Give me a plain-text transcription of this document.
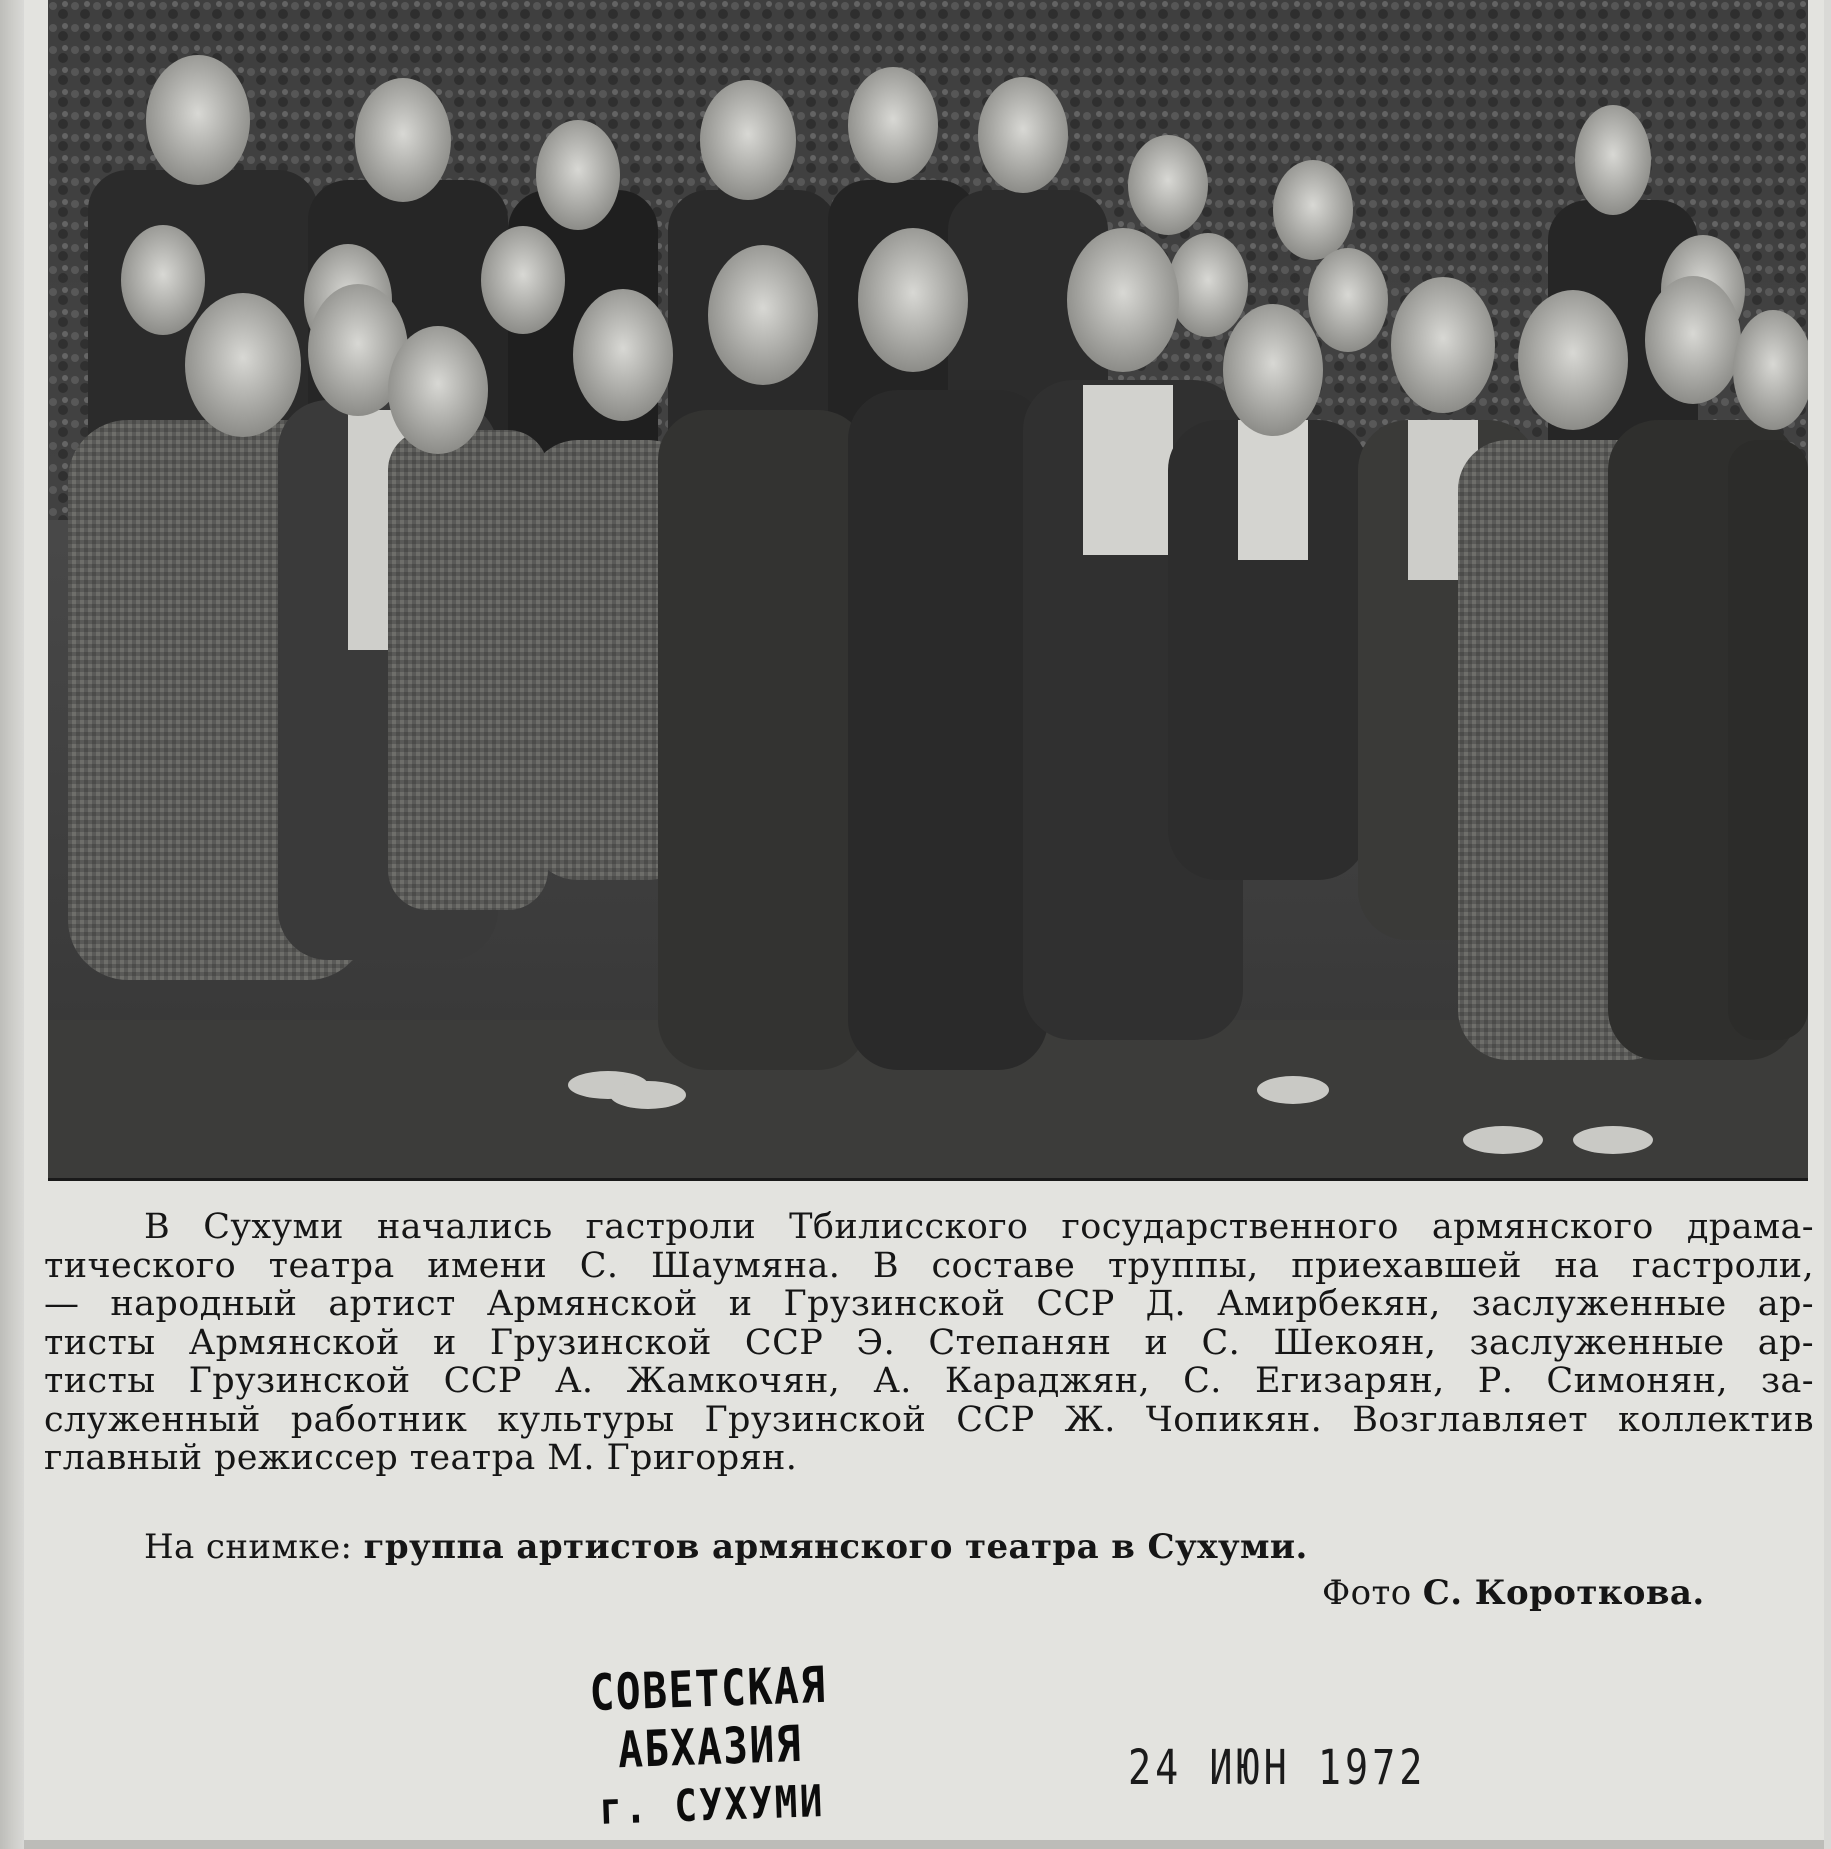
В Сухуми начались гастроли Тбилисского государственного армянского драма-
тического театра имени С. Шаумяна. В составе труппы, приехавшей на гастроли,
— народный артист Армянской и Грузинской ССР Д. Амирбекян, заслуженные ар-
тисты Армянской и Грузинской ССР Э. Степанян и С. Шекоян, заслуженные ар-
тисты Грузинской ССР А. Жамкочян, А. Караджян, С. Егизарян, Р. Симонян, за-
служенный работник культуры Грузинской ССР Ж. Чопикян. Возглавляет коллектив
главный режиссер театра М. Григорян.
На снимке: группа артистов армянского театра в Сухуми.
Фото С. Короткова.
СОВЕТСКАЯ АБХАЗИЯ
г. СУХУМИ
24 ИЮН 1972
